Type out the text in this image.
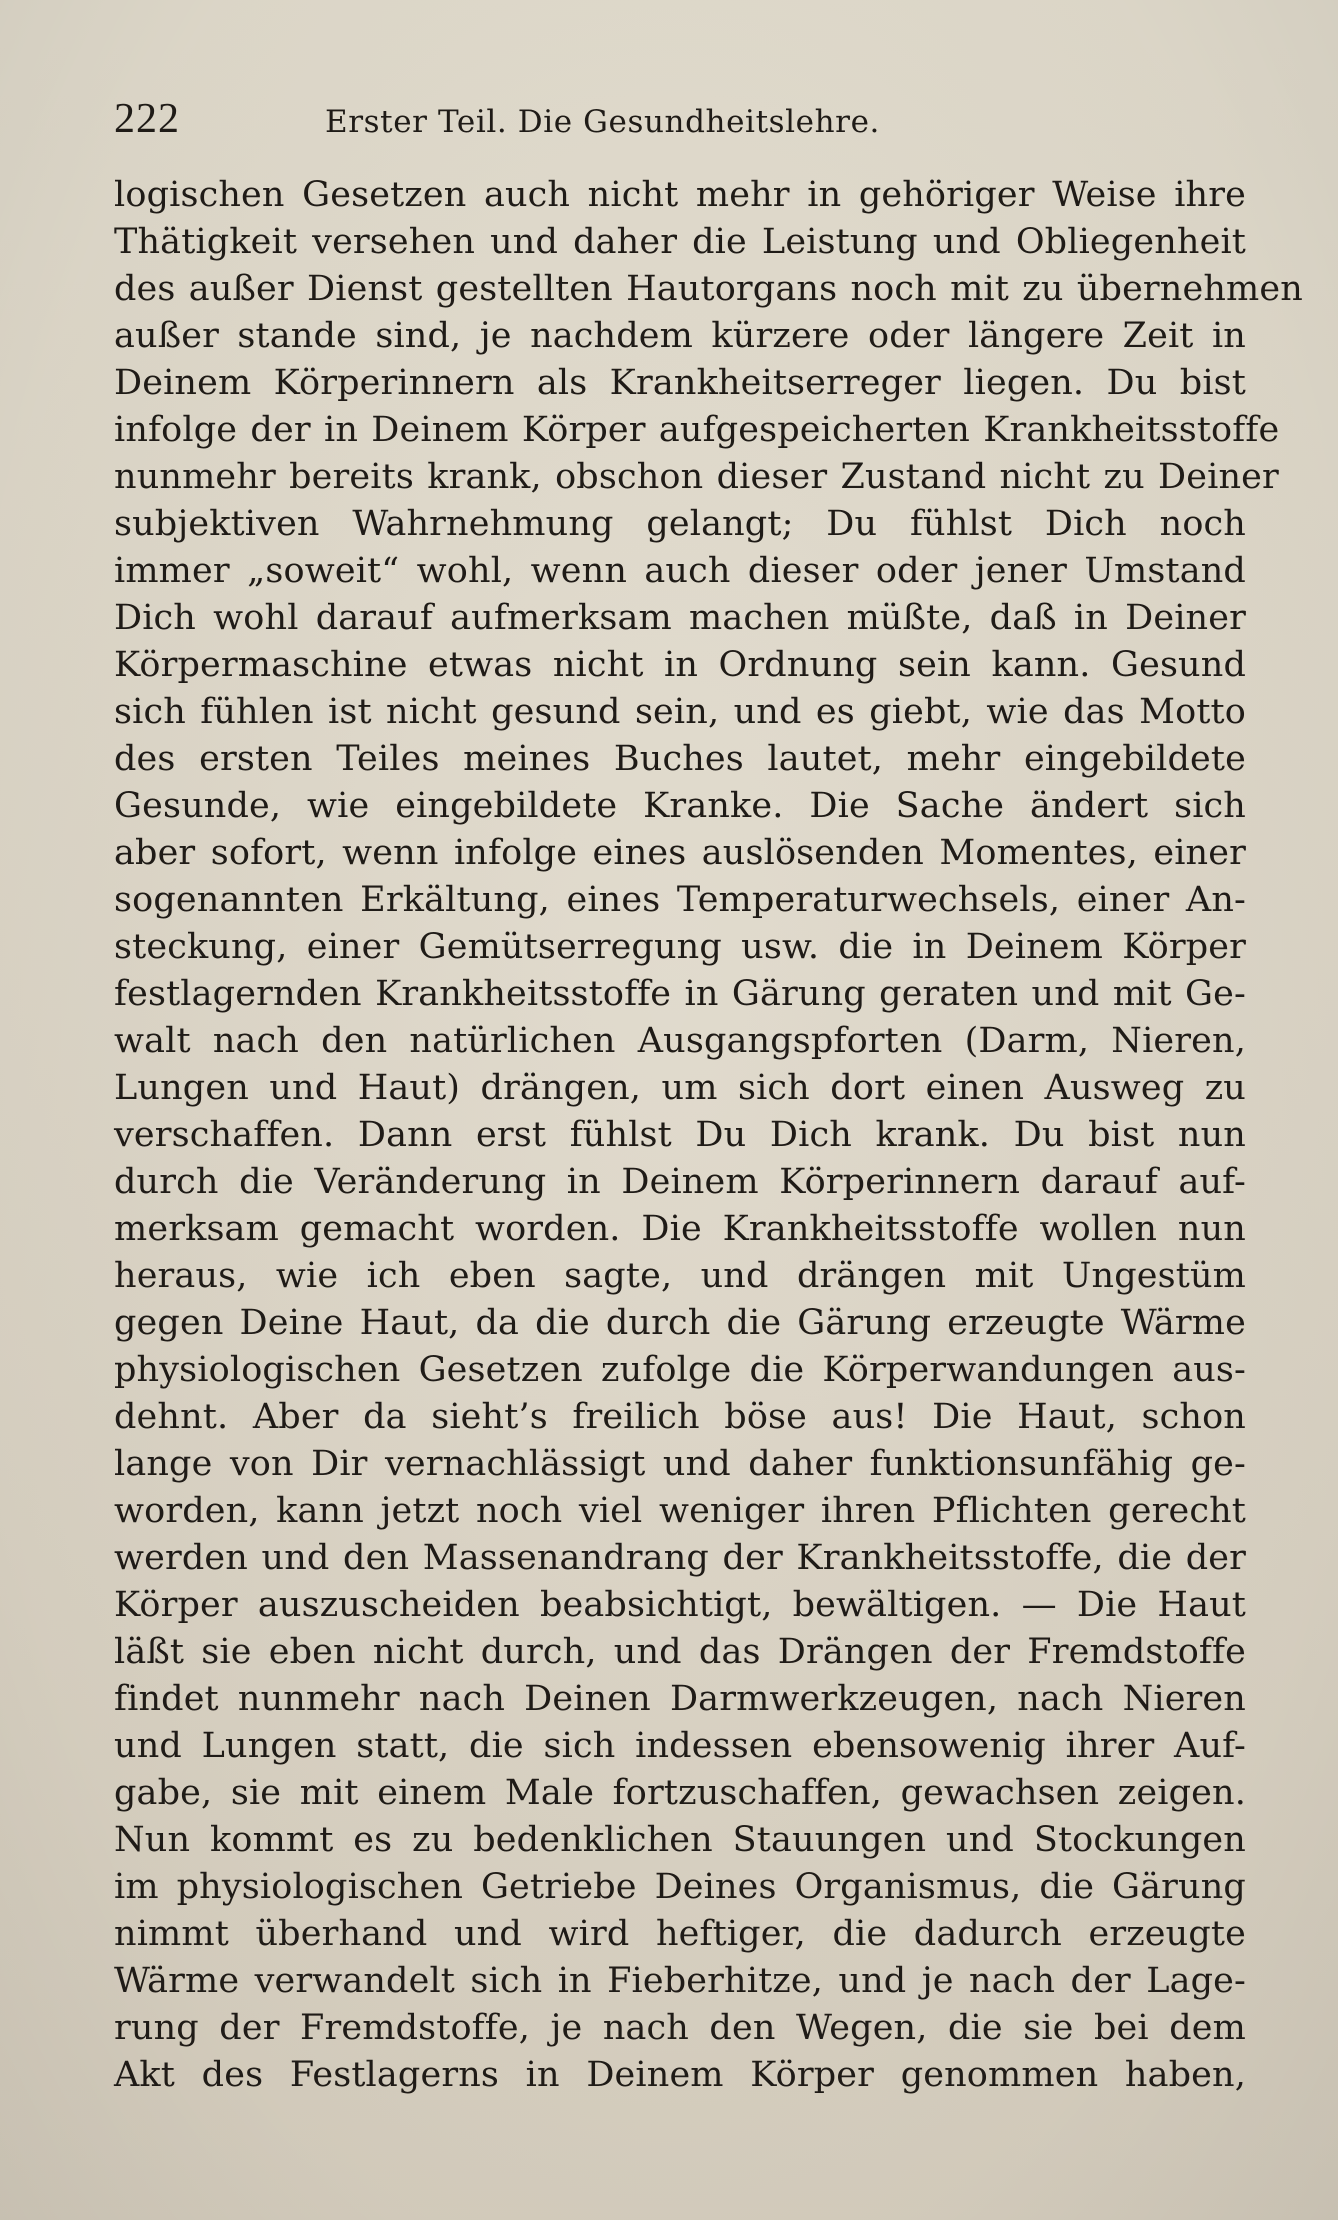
222	Erster Teil. Die Gesundheitslehre.
logischen Gesetzen auch nicht mehr in gehöriger Weise ihre
Thätigkeit versehen und daher die Leistung und Obliegenheit
des außer Dienst gestellten Hautorgans noch mit zu übernehmen
außer stande sind, je nachdem kürzere oder längere Zeit in
Deinem Körperinnern als Krankheitserreger liegen. Du bist
infolge der in Deinem Körper aufgespeicherten Krankheitsstoffe
nunmehr bereits krank, obschon dieser Zustand nicht zu Deiner
subjektiven Wahrnehmung gelangt; Du fühlst Dich noch
immer „soweit“ wohl, wenn auch dieser oder jener Umstand
Dich wohl darauf aufmerksam machen müßte, daß in Deiner
Körpermaschine etwas nicht in Ordnung sein kann. Gesund
sich fühlen ist nicht gesund sein, und es giebt, wie das Motto
des ersten Teiles meines Buches lautet, mehr eingebildete
Gesunde, wie eingebildete Kranke. Die Sache ändert sich
aber sofort, wenn infolge eines auslösenden Momentes, einer
sogenannten Erkältung, eines Temperaturwechsels, einer An-
steckung, einer Gemütserregung usw. die in Deinem Körper
festlagernden Krankheitsstoffe in Gärung geraten und mit Ge-
walt nach den natürlichen Ausgangspforten (Darm, Nieren,
Lungen und Haut) drängen, um sich dort einen Ausweg zu
verschaffen. Dann erst fühlst Du Dich krank. Du bist nun
durch die Veränderung in Deinem Körperinnern darauf auf-
merksam gemacht worden. Die Krankheitsstoffe wollen nun
heraus, wie ich eben sagte, und drängen mit Ungestüm
gegen Deine Haut, da die durch die Gärung erzeugte Wärme
physiologischen Gesetzen zufolge die Körperwandungen aus-
dehnt. Aber da sieht’s freilich böse aus! Die Haut, schon
lange von Dir vernachlässigt und daher funktionsunfähig ge-
worden, kann jetzt noch viel weniger ihren Pflichten gerecht
werden und den Massenandrang der Krankheitsstoffe, die der
Körper auszuscheiden beabsichtigt, bewältigen. — Die Haut
läßt sie eben nicht durch, und das Drängen der Fremdstoffe
findet nunmehr nach Deinen Darmwerkzeugen, nach Nieren
und Lungen statt, die sich indessen ebensowenig ihrer Auf-
gabe, sie mit einem Male fortzuschaffen, gewachsen zeigen.
Nun kommt es zu bedenklichen Stauungen und Stockungen
im physiologischen Getriebe Deines Organismus, die Gärung
nimmt überhand und wird heftiger, die dadurch erzeugte
Wärme verwandelt sich in Fieberhitze, und je nach der Lage-
rung der Fremdstoffe, je nach den Wegen, die sie bei dem
Akt des Festlagerns in Deinem Körper genommen haben,
